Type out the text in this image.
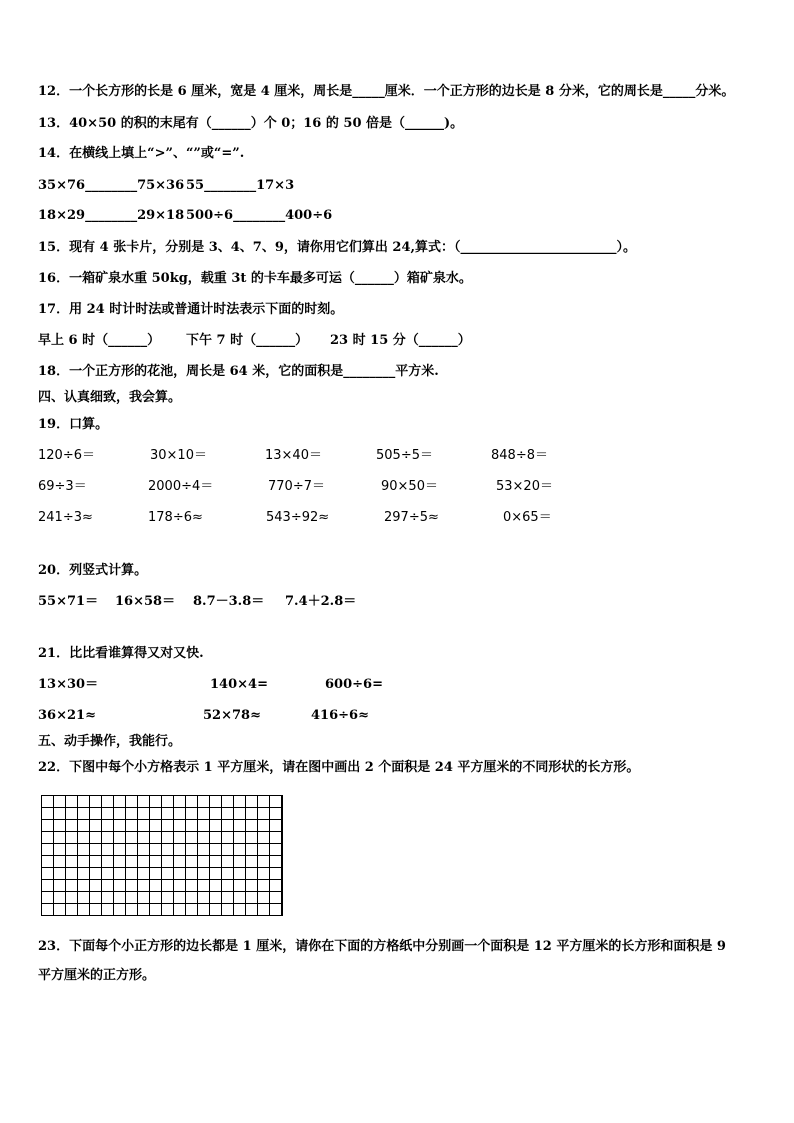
12．一个长方形的长是 6 厘米，宽是 4 厘米，周长是_____厘米．一个正方形的边长是 8 分米，它的周长是_____分米。
13．40×50 的积的末尾有（______）个 0；16 的 50 倍是（______)。
14．在横线上填上“>”、“”或“=”.
35×76________75×36 55________17×3
18×29________29×18 500÷6________400÷6
15．现有 4 张卡片，分别是 3、4、7、9，请你用它们算出 24,算式：（________________________）。
16．一箱矿泉水重 50kg，载重 3t 的卡车最多可运（______）箱矿泉水。
17．用 24 时计时法或普通计时法表示下面的时刻。
早上 6 时（______） 下午 7 时（______） 23 时 15 分（______）
18．一个正方形的花池，周长是 64 米，它的面积是________平方米.
四、认真细致，我会算。
19．口算。
120÷6＝	30×10＝	13×40＝	505÷5＝	848÷8＝
69÷3＝	2000÷4＝	770÷7＝	90×50＝	53×20＝
241÷3≈	178÷6≈	543÷92≈	297÷5≈	0×65＝
20．列竖式计算。
55×71＝ 16×58＝ 8.7－3.8＝ 7.4＋2.8＝
21．比比看谁算得又对又快.
13×30＝	140×4=	600÷6=
36×21≈	52×78≈	416÷6≈
五、动手操作，我能行。
22．下图中每个小方格表示 1 平方厘米，请在图中画出 2 个面积是 24 平方厘米的不同形状的长方形。
23．下面每个小正方形的边长都是 1 厘米，请你在下面的方格纸中分别画一个面积是 12 平方厘米的长方形和面积是 9
平方厘米的正方形。
